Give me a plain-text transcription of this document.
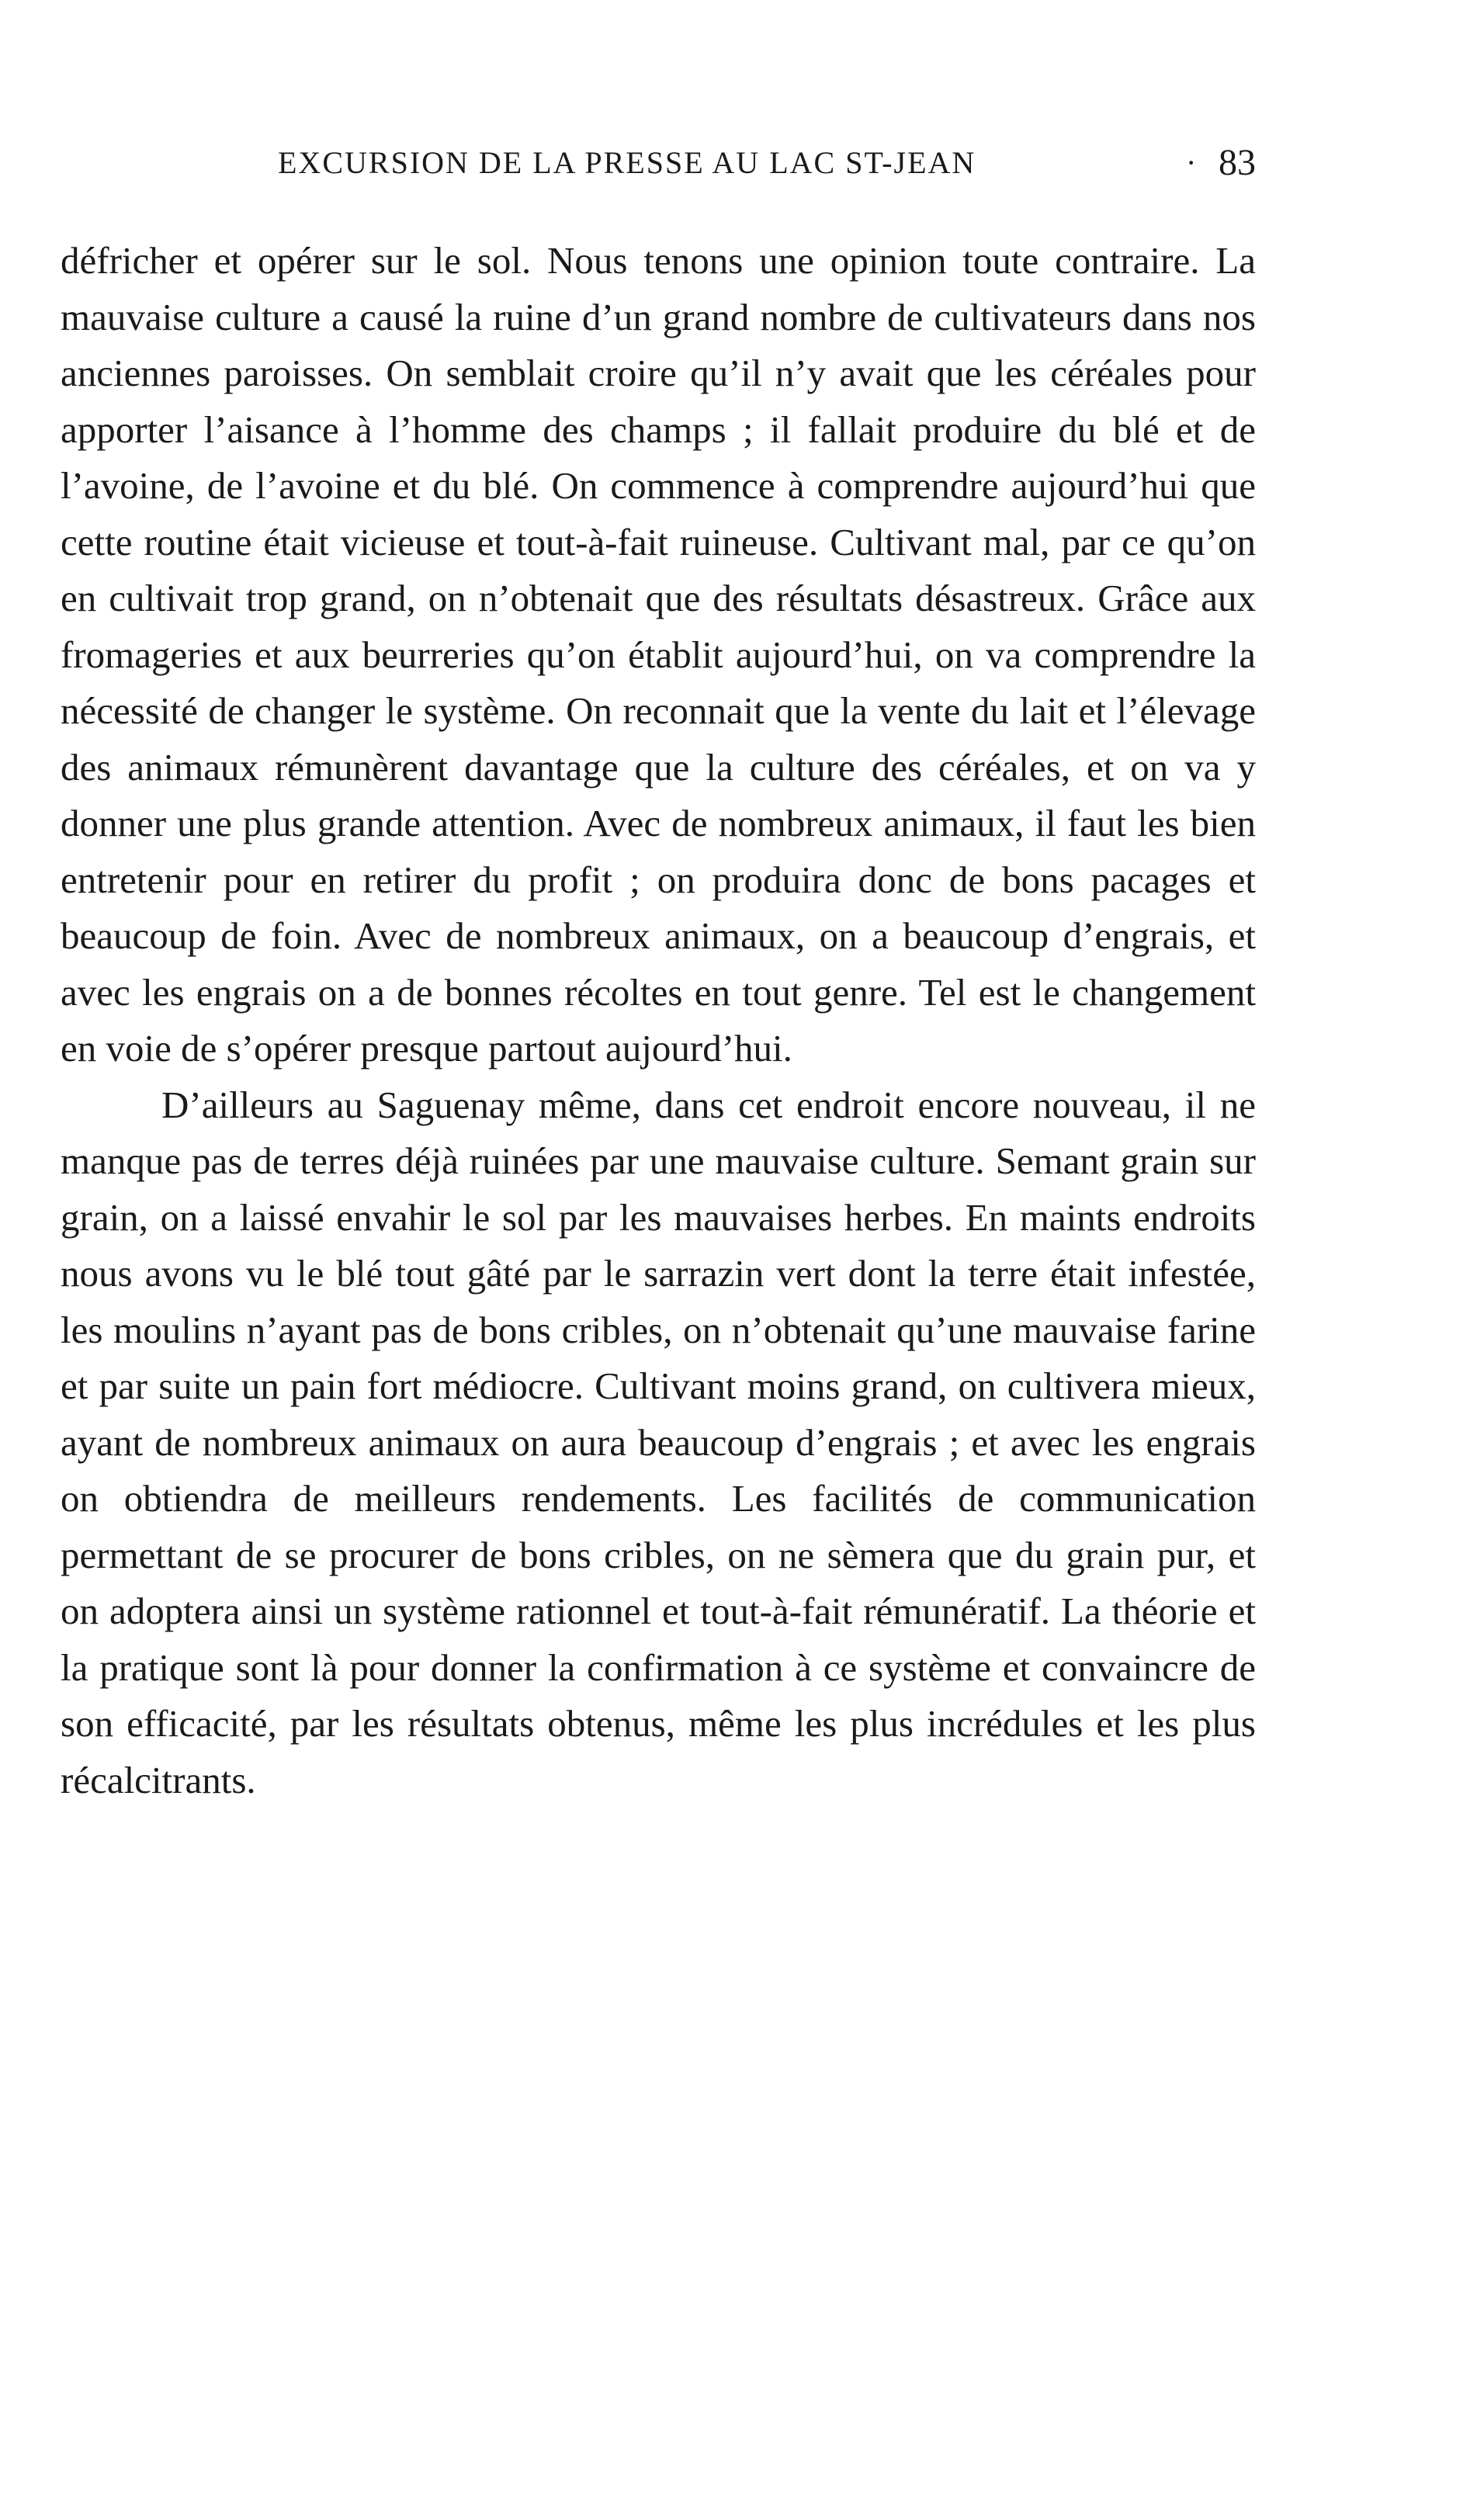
EXCURSION DE LA PRESSE AU LAC ST-JEAN	· 83

défricher et opérer sur le sol. Nous tenons une opinion toute contraire. La mauvaise culture a causé la ruine d’un grand nombre de cultivateurs dans nos anciennes paroisses. On semblait croire qu’il n’y avait que les céréales pour apporter l’aisance à l’homme des champs ; il fallait produire du blé et de l’avoine, de l’avoine et du blé. On commence à comprendre aujourd’hui que cette routine était vicieuse et tout-à-fait ruineuse. Cultivant mal, par ce qu’on en cultivait trop grand, on n’obtenait que des résultats désastreux. Grâce aux fromageries et aux beurreries qu’on établit aujourd’hui, on va comprendre la nécessité de changer le système. On reconnait que la vente du lait et l’élevage des animaux rémunèrent davantage que la culture des céréales, et on va y donner une plus grande attention. Avec de nombreux animaux, il faut les bien entretenir pour en retirer du profit ; on produira donc de bons pacages et beaucoup de foin. Avec de nombreux animaux, on a beaucoup d’engrais, et avec les engrais on a de bonnes récoltes en tout genre. Tel est le changement en voie de s’opérer presque partout aujourd’hui.

D’ailleurs au Saguenay même, dans cet endroit encore nouveau, il ne manque pas de terres déjà ruinées par une mauvaise culture. Semant grain sur grain, on a laissé envahir le sol par les mauvaises herbes. En maints endroits nous avons vu le blé tout gâté par le sarrazin vert dont la terre était infestée, les moulins n’ayant pas de bons cribles, on n’obtenait qu’une mauvaise farine et par suite un pain fort médiocre. Cultivant moins grand, on cultivera mieux, ayant de nombreux animaux on aura beaucoup d’engrais ; et avec les engrais on obtiendra de meilleurs rendements. Les facilités de communication permettant de se procurer de bons cribles, on ne sèmera que du grain pur, et on adoptera ainsi un système rationnel et tout-à-fait rémunératif. La théorie et la pratique sont là pour donner la confirmation à ce système et convaincre de son efficacité, par les résultats obtenus, même les plus incrédules et les plus récalcitrants.
